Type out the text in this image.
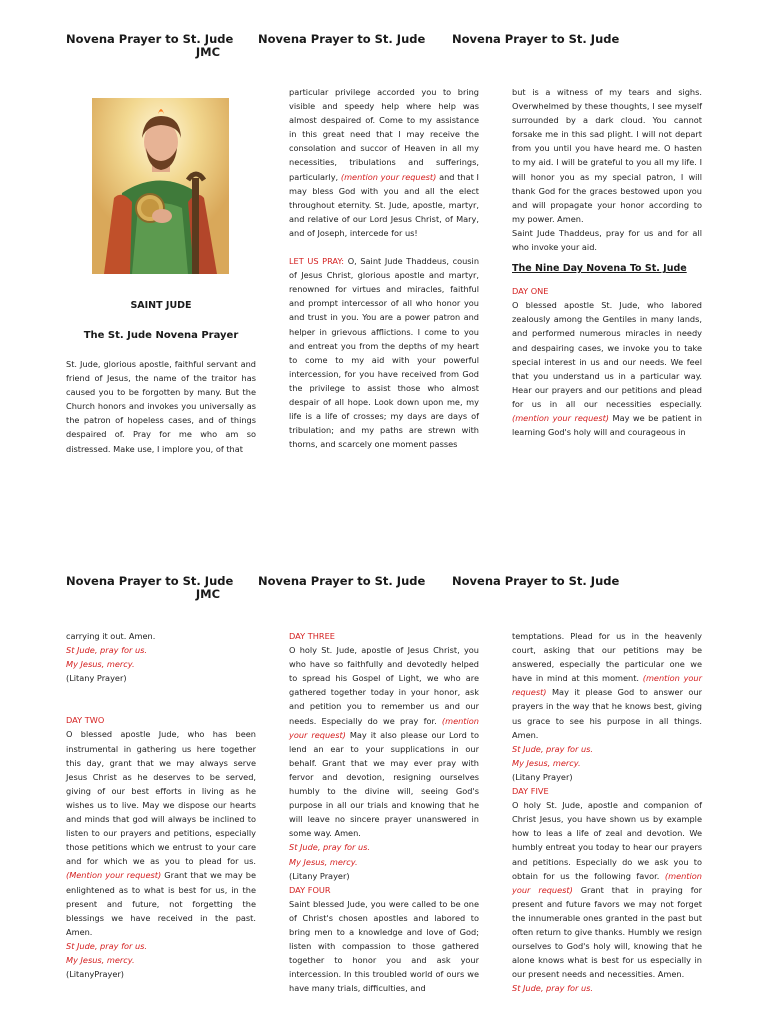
Novena Prayer to St. Jude
JMC
Novena Prayer to St. Jude Novena Prayer to St. Jude
SAINT JUDE
The St. Jude Novena Prayer

St. Jude, glorious apostle, faithful servant and friend of Jesus, the name of the traitor has caused you to be forgotten by many. But the Church honors and invokes you universally as the patron of hopeless cases, and of things despaired of. Pray for me who am so distressed. Make use, I implore you, of that

particular privilege accorded you to bring visible and speedy help where help was almost despaired of. Come to my assistance in this great need that I may receive the consolation and succor of Heaven in all my necessities, tribulations and sufferings, particularly, (mention your request) and that I may bless God with you and all the elect throughout eternity. St. Jude, apostle, martyr, and relative of our Lord Jesus Christ, of Mary, and of Joseph, intercede for us!

LET US PRAY: O, Saint Jude Thaddeus, cousin of Jesus Christ, glorious apostle and martyr, renowned for virtues and miracles, faithful and prompt intercessor of all who honor you and trust in you. You are a power patron and helper in grievous afflictions. I come to you and entreat you from the depths of my heart to come to my aid with your powerful intercession, for you have received from God the privilege to assist those who almost despair of all hope. Look down upon me, my life is a life of crosses; my days are days of tribulation; and my paths are strewn with thorns, and scarcely one moment passes

but is a witness of my tears and sighs. Overwhelmed by these thoughts, I see myself surrounded by a dark cloud. You cannot forsake me in this sad plight. I will not depart from you until you have heard me. O hasten to my aid. I will be grateful to you all my life. I will honor you as my special patron, I will thank God for the graces bestowed upon you and will propagate your honor according to my power. Amen.

Saint Jude Thaddeus, pray for us and for all who invoke your aid.

The Nine Day Novena To St. Jude

DAY ONE

O blessed apostle St. Jude, who labored zealously among the Gentiles in many lands, and performed numerous miracles in needy and despairing cases, we invoke you to take special interest in us and our needs. We feel that you understand us in a particular way. Hear our prayers and our petitions and plead for us in all our necessities especially. (mention your request) May we be patient in learning God's holy will and courageous in

Novena Prayer to St. Jude
JMC
Novena Prayer to St. Jude Novena Prayer to St. Jude

carrying it out. Amen.

St Jude, pray for us.

My Jesus, mercy.

(Litany Prayer)

DAY TWO

O blessed apostle Jude, who has been instrumental in gathering us here together this day, grant that we may always serve Jesus Christ as he deserves to be served, giving of our best efforts in living as he wishes us to live. May we dispose our hearts and minds that god will always be inclined to listen to our prayers and petitions, especially those petitions which we entrust to your care and for which we as you to plead for us. (Mention your request) Grant that we may be enlightened as to what is best for us, in the present and future, not forgetting the blessings we have received in the past. Amen.

St Jude, pray for us.

My Jesus, mercy.

(LitanyPrayer)

DAY THREE

O holy St. Jude, apostle of Jesus Christ, you who have so faithfully and devotedly helped to spread his Gospel of Light, we who are gathered together today in your honor, ask and petition you to remember us and our needs. Especially do we pray for. (mention your request) May it also please our Lord to lend an ear to your supplications in our behalf. Grant that we may ever pray with fervor and devotion, resigning ourselves humbly to the divine will, seeing God's purpose in all our trials and knowing that he will leave no sincere prayer unanswered in some way. Amen.

St Jude, pray for us.

My Jesus, mercy.

(Litany Prayer)

DAY FOUR

Saint blessed Jude, you were called to be one of Christ's chosen apostles and labored to bring men to a knowledge and love of God; listen with compassion to those gathered together to honor you and ask your intercession. In this troubled world of ours we have many trials, difficulties, and

temptations. Plead for us in the heavenly court, asking that our petitions may be answered, especially the particular one we have in mind at this moment. (mention your request) May it please God to answer our prayers in the way that he knows best, giving us grace to see his purpose in all things. Amen.

St Jude, pray for us.

My Jesus, mercy.

(Litany Prayer)

DAY FIVE

O holy St. Jude, apostle and companion of Christ Jesus, you have shown us by example how to leas a life of zeal and devotion. We humbly entreat you today to hear our prayers and petitions. Especially do we ask you to obtain for us the following favor. (mention your request) Grant that in praying for present and future favors we may not forget the innumerable ones granted in the past but often return to give thanks. Humbly we resign ourselves to God's holy will, knowing that he alone knows what is best for us especially in our present needs and necessities. Amen.

St Jude, pray for us.
